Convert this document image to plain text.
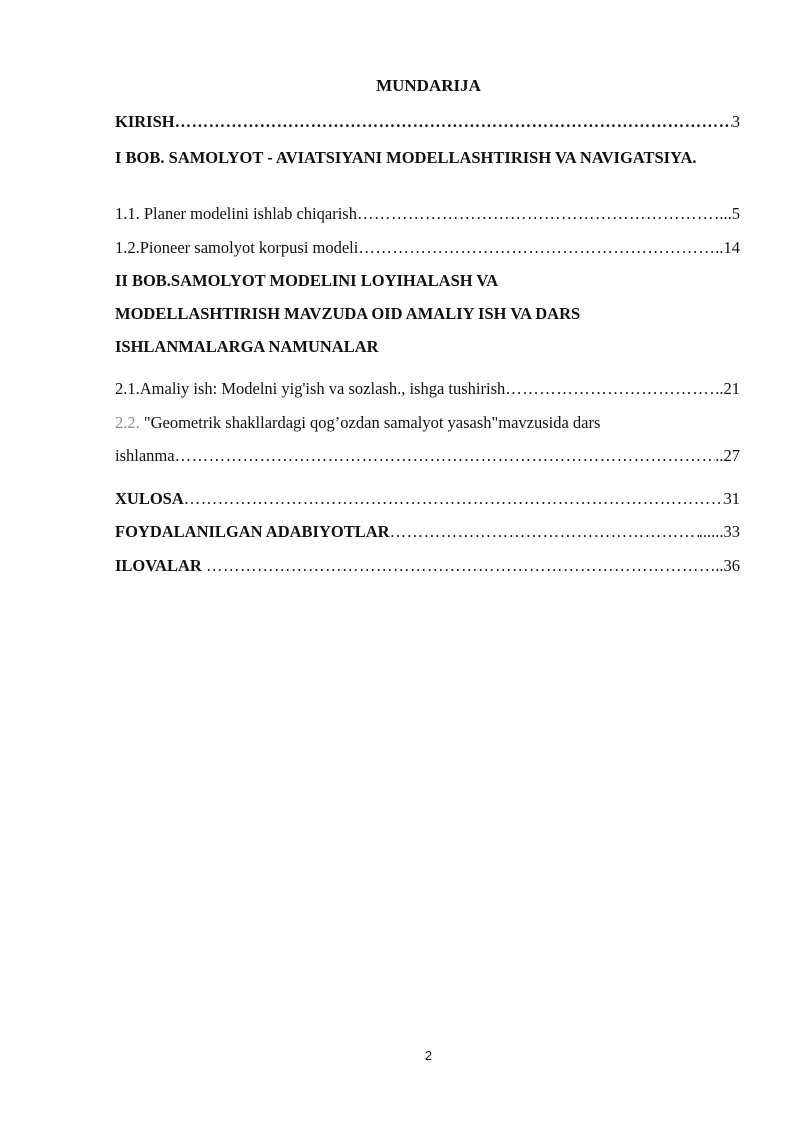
MUNDARIJA
KIRISH ……………………………………………………………………………………………………………………………………………………………………	3
I BOB. SAMOLYOT - AVIATSIYANI MODELLASHTIRISH VA NAVIGATSIYA.
1.1. Planer modelini ishlab chiqarish ……………………………………………………………………………………………………………………………………………………………………	...5
1.2.Pioneer samolyot korpusi modeli ……………………………………………………………………………………………………………………………………………………………………	..14
II BOB.SAMOLYOT MODELINI LOYIHALASH VA
MODELLASHTIRISH MAVZUDA OID AMALIY ISH VA DARS
ISHLANMALARGA NAMUNALAR
2.1.Amaliy ish: Modelni yig'ish va sozlash., ishga tushirish ……………………………………………………………………………………………………………………………………………………………………	..21
2.2. "Geometrik shakllardagi qog’ozdan samalyot yasash"mavzusida dars
ishlanma ……………………………………………………………………………………………………………………………………………………………………	..27
XULOSA ……………………………………………………………………………………………………………………………………………………………………	31
FOYDALANILGAN ADABIYOTLAR ……………………………………………………………………………………………………………………………………………………………………	......33
ILOVALAR ……………………………………………………………………………………………………………………………………………………………………	..36
2
